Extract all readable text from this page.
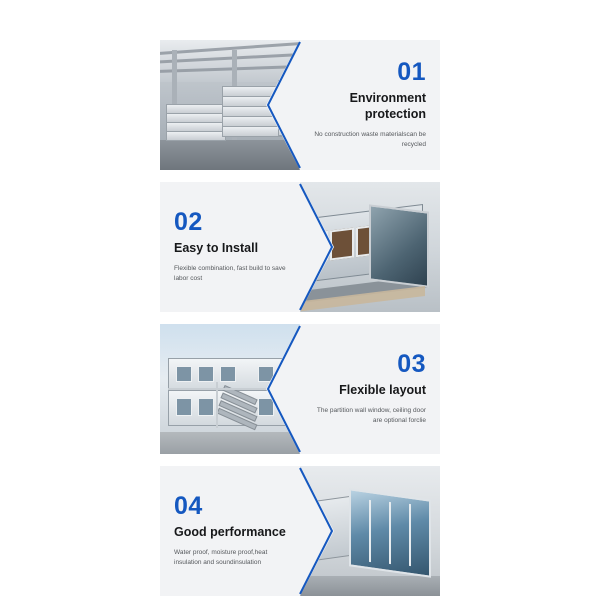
01
Environment protection
No construction waste materialscan be recycled
02
Easy to Install
Flexible combination, fast build to save labor cost
03
Flexible layout
The partition wall window, ceiling door are optional forclie
04
Good performance
Water proof, moisture proof,heat insulation and soundinsulation
